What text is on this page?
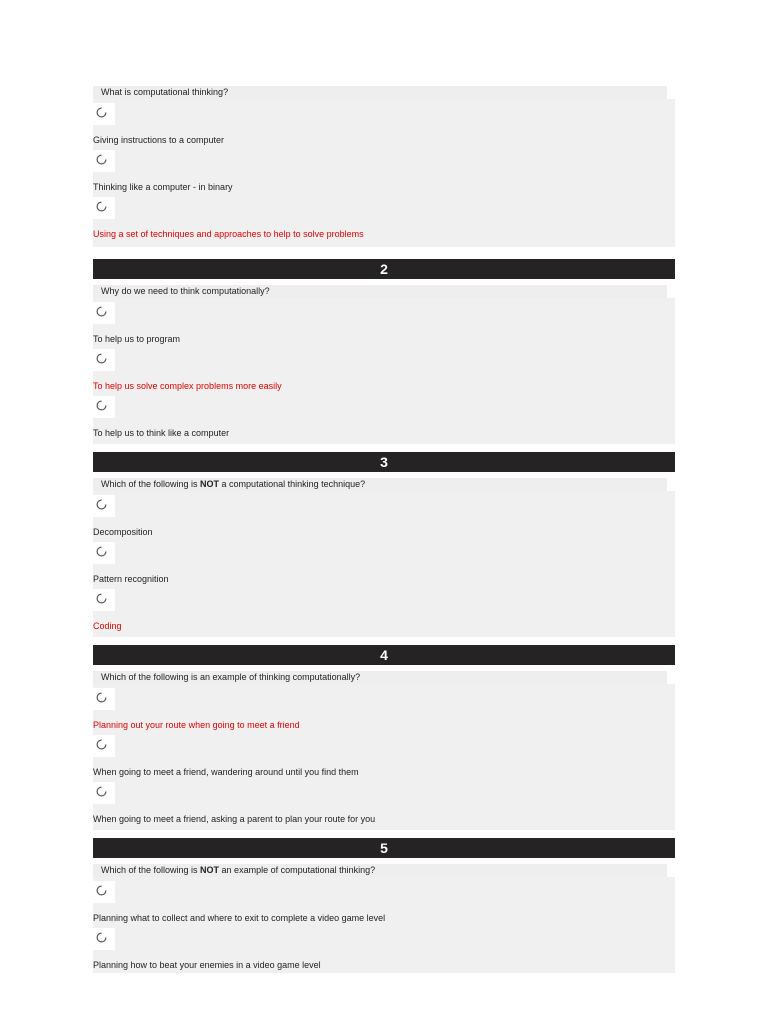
What is computational thinking?
Giving instructions to a computer
Thinking like a computer - in binary
Using a set of techniques and approaches to help to solve problems
2
Why do we need to think computationally?
To help us to program
To help us solve complex problems more easily
To help us to think like a computer
3
Which of the following is NOT a computational thinking technique?
Decomposition
Pattern recognition
Coding
4
Which of the following is an example of thinking computationally?
Planning out your route when going to meet a friend
When going to meet a friend, wandering around until you find them
When going to meet a friend, asking a parent to plan your route for you
5
Which of the following is NOT an example of computational thinking?
Planning what to collect and where to exit to complete a video game level
Planning how to beat your enemies in a video game level
